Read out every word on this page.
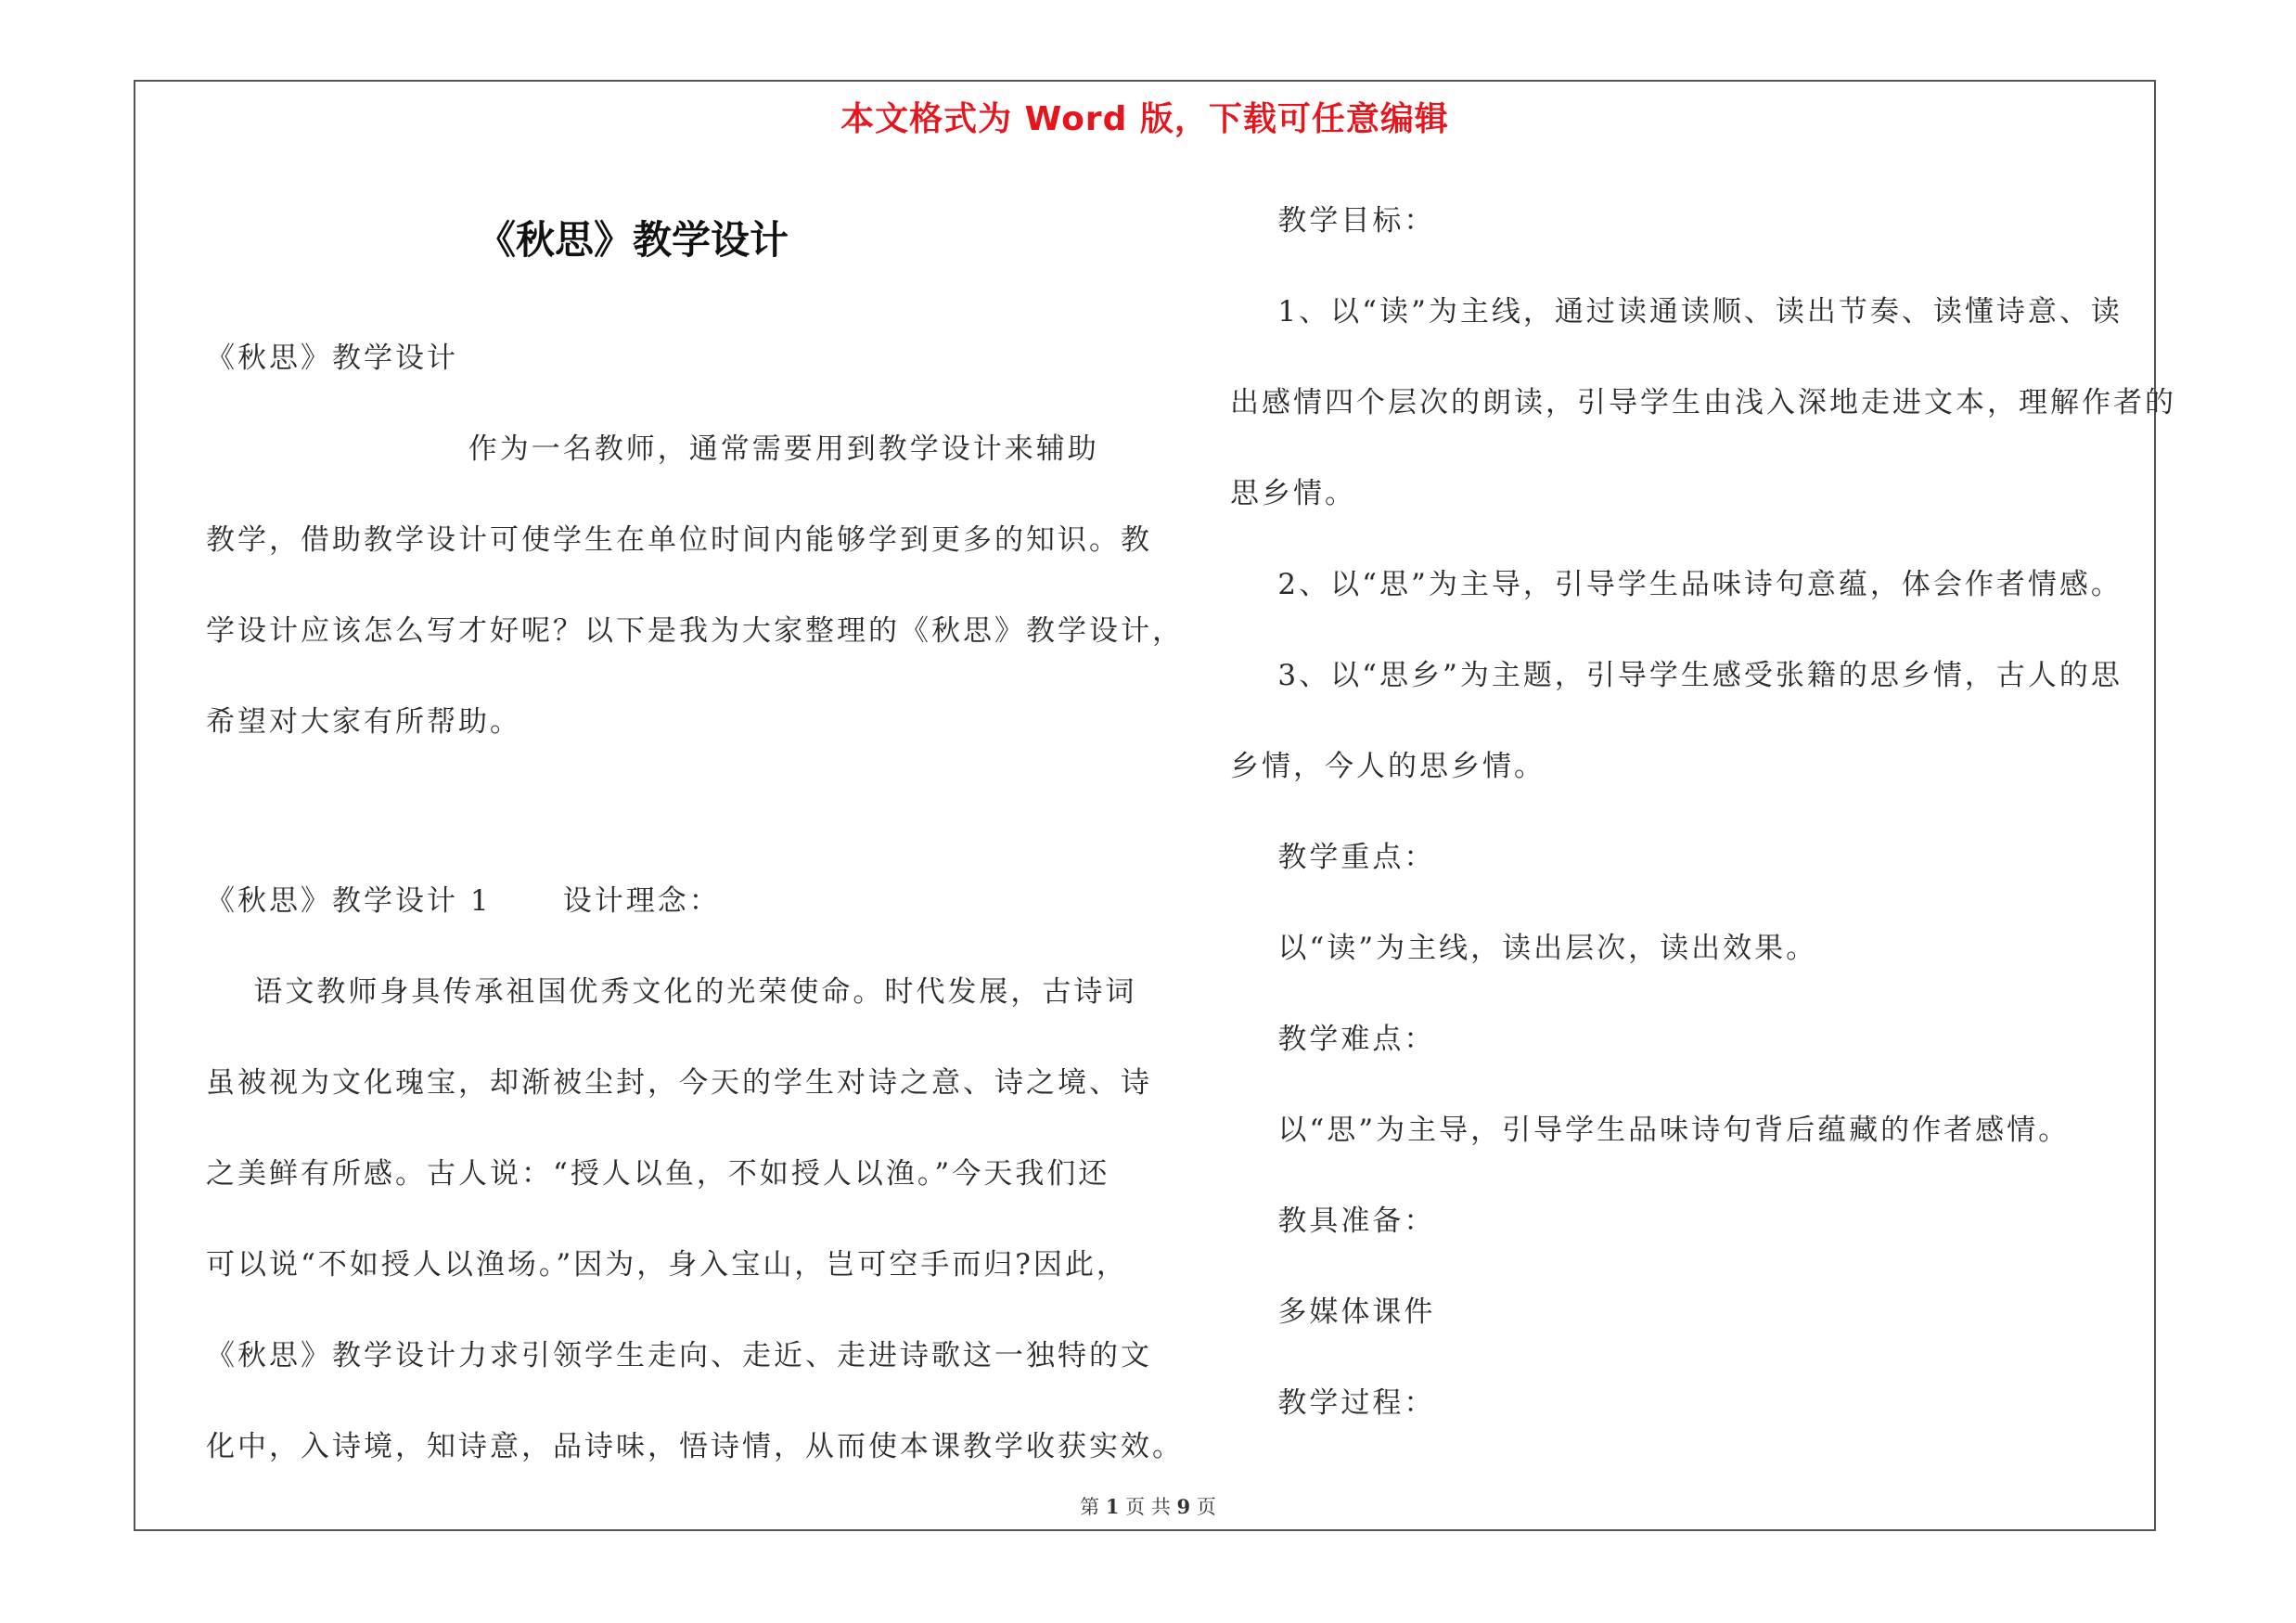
本文格式为 Word 版，下载可任意编辑
《秋思》教学设计
《秋思》教学设计
作为一名教师，通常需要用到教学设计来辅助
教学，借助教学设计可使学生在单位时间内能够学到更多的知识。教
学设计应该怎么写才好呢？以下是我为大家整理的《秋思》教学设计，
希望对大家有所帮助。
《秋思》教学设计 1      设计理念：
语文教师身具传承祖国优秀文化的光荣使命。时代发展，古诗词
虽被视为文化瑰宝，却渐被尘封，今天的学生对诗之意、诗之境、诗
之美鲜有所感。古人说：“授人以鱼，不如授人以渔。”今天我们还
可以说“不如授人以渔场。”因为，身入宝山，岂可空手而归?因此，
《秋思》教学设计力求引领学生走向、走近、走进诗歌这一独特的文
化中，入诗境，知诗意，品诗味，悟诗情，从而使本课教学收获实效。
教学目标：
1、以“读”为主线，通过读通读顺、读出节奏、读懂诗意、读
出感情四个层次的朗读，引导学生由浅入深地走进文本，理解作者的
思乡情。
2、以“思”为主导，引导学生品味诗句意蕴，体会作者情感。
3、以“思乡”为主题，引导学生感受张籍的思乡情，古人的思
乡情，今人的思乡情。
教学重点：
以“读”为主线，读出层次，读出效果。
教学难点：
以“思”为主导，引导学生品味诗句背后蕴藏的作者感情。
教具准备：
多媒体课件
教学过程：
第 1 页 共 9 页
